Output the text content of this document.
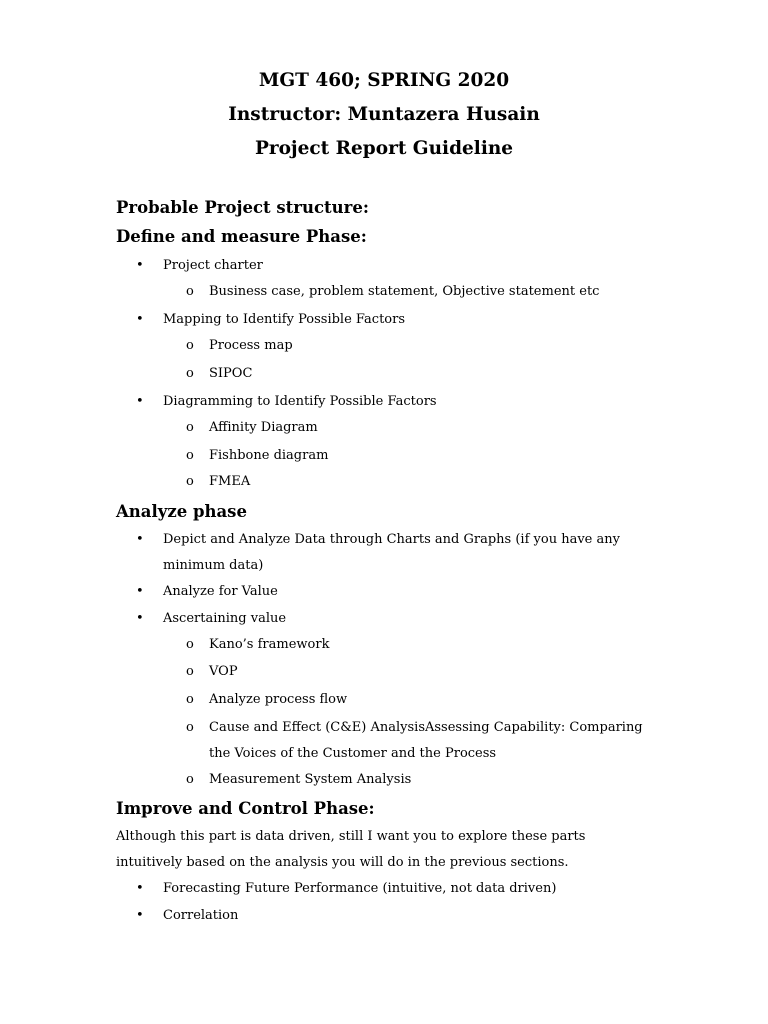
MGT 460; SPRING 2020
Instructor: Muntazera Husain
Project Report Guideline
Probable Project structure:
Define and measure Phase:
• Project charter
o Business case, problem statement, Objective statement etc
• Mapping to Identify Possible Factors
o Process map
o SIPOC
• Diagramming to Identify Possible Factors
o Affinity Diagram
o Fishbone diagram
o FMEA
Analyze phase
• Depict and Analyze Data through Charts and Graphs (if you have any
minimum data)
• Analyze for Value
• Ascertaining value
o Kano’s framework
o VOP
o Analyze process flow
o Cause and Effect (C&E) AnalysisAssessing Capability: Comparing
the Voices of the Customer and the Process
o Measurement System Analysis
Improve and Control Phase:
Although this part is data driven, still I want you to explore these parts
intuitively based on the analysis you will do in the previous sections.
• Forecasting Future Performance (intuitive, not data driven)
• Correlation
